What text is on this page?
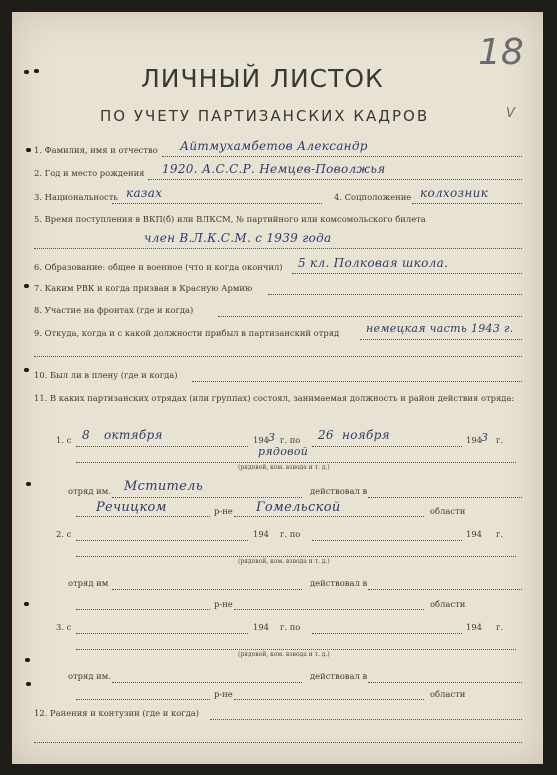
18
V
ЛИЧНЫЙ ЛИСТОК
ПО УЧЕТУ ПАРТИЗАНСКИХ КАДРОВ
1. Фамилия, имя и отчество Айтмухамбетов Александр
2. Год и место рождения 1920. А.С.С.Р. Немцев-Поволжья
3. Национальность казах	4. Соцположение колхозник
5. Время поступления в ВКП(б) или ВЛКСМ, № партийного или комсомольского билета
член В.Л.К.С.М. с 1939 года
6. Образование: общее и военное (что и когда окончил) 5 кл. Полковая школа.
7. Каким РВК и когда призван в Красную Армию
8. Участие на фронтах (где и когда)
9. Откуда, когда и с какой должности прибыл в партизанский отряд немецкая часть 1943 г.
10. Был ли в плену (где и когда)
11. В каких партизанских отрядах (или группах) состоял, занимаемая должность и район действия отряда:
1. с 8 октября	194 3 г. по 26 ноября	194 3 г.
рядовой
(рядовой, ком. взвода и т. д.)
отряд им. Мститель	действовал в
Речицком	р-не Гомельской	области
2. с	194 г. по	194 г.
(рядовой, ком. взвода и т. д.)
отряд им	действовал в
р-не	области
3. с	194 г. по	194 г.
(рядовой, ком. взвода и т. д.)
отряд им.	действовал в
р-не	области
12. Ранения и контузии (где и когда)
